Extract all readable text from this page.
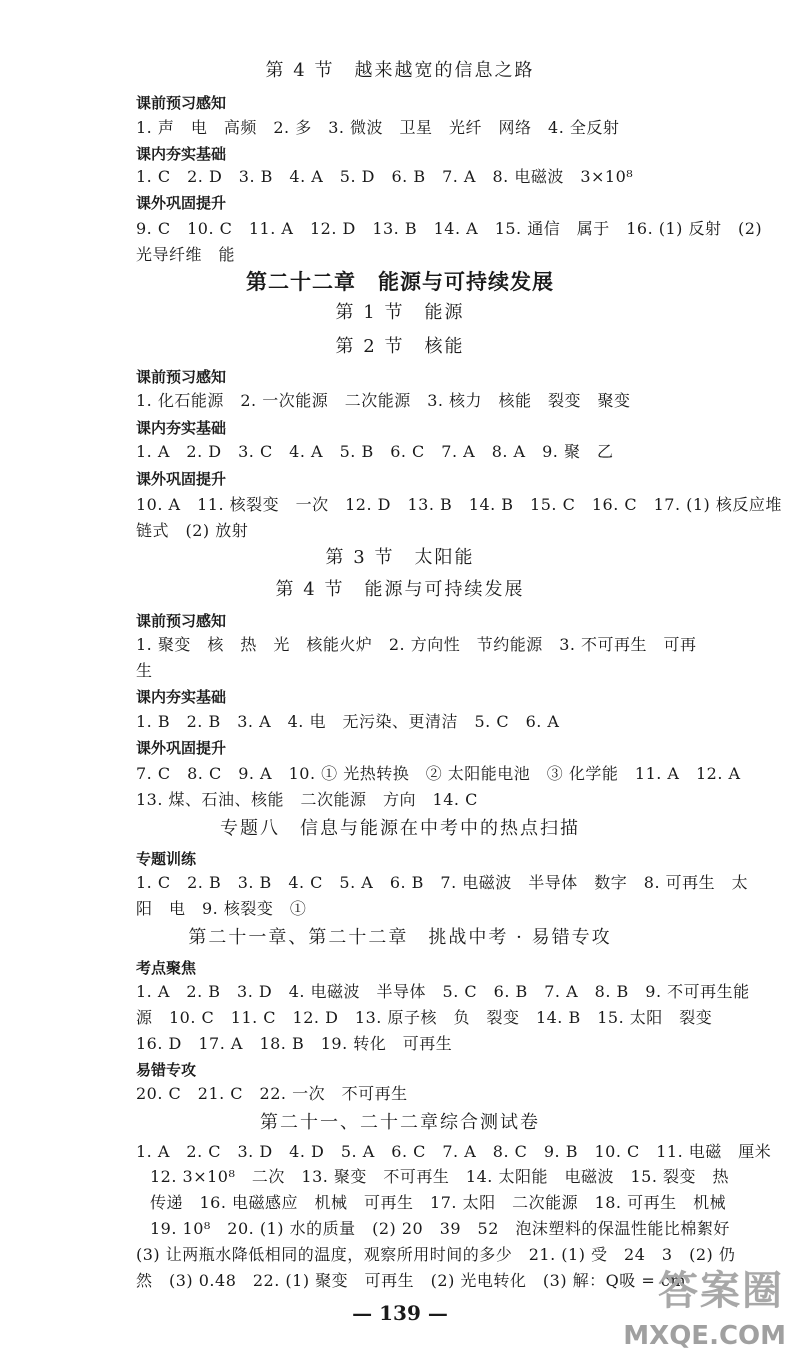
第 4 节　越来越宽的信息之路
课前预习感知
1. 声　电　高频　2. 多　3. 微波　卫星　光纤　网络　4. 全反射
课内夯实基础
1. C　2. D　3. B　4. A　5. D　6. B　7. A　8. 电磁波　3×10⁸
课外巩固提升
9. C　10. C　11. A　12. D　13. B　14. A　15. 通信　属于　16. (1) 反射　(2)
光导纤维　能
第二十二章　能源与可持续发展
第 1 节　能源
第 2 节　核能
课前预习感知
1. 化石能源　2. 一次能源　二次能源　3. 核力　核能　裂变　聚变
课内夯实基础
1. A　2. D　3. C　4. A　5. B　6. C　7. A　8. A　9. 聚　乙
课外巩固提升
10. A　11. 核裂变　一次　12. D　13. B　14. B　15. C　16. C　17. (1) 核反应堆
链式　(2) 放射
第 3 节　太阳能
第 4 节　能源与可持续发展
课前预习感知
1. 聚变　核　热　光　核能火炉　2. 方向性　节约能源　3. 不可再生　可再
生
课内夯实基础
1. B　2. B　3. A　4. 电　无污染、更清洁　5. C　6. A
课外巩固提升
7. C　8. C　9. A　10. ① 光热转换　② 太阳能电池　③ 化学能　11. A　12. A
13. 煤、石油、核能　二次能源　方向　14. C
专题八　信息与能源在中考中的热点扫描
专题训练
1. C　2. B　3. B　4. C　5. A　6. B　7. 电磁波　半导体　数字　8. 可再生　太
阳　电　9. 核裂变　①
第二十一章、第二十二章　挑战中考 · 易错专攻
考点聚焦
1. A　2. B　3. D　4. 电磁波　半导体　5. C　6. B　7. A　8. B　9. 不可再生能
源　10. C　11. C　12. D　13. 原子核　负　裂变　14. B　15. 太阳　裂变
16. D　17. A　18. B　19. 转化　可再生
易错专攻
20. C　21. C　22. 一次　不可再生
第二十一、二十二章综合测试卷
1. A　2. C　3. D　4. D　5. A　6. C　7. A　8. C　9. B　10. C　11. 电磁　厘米
12. 3×10⁸　二次　13. 聚变　不可再生　14. 太阳能　电磁波　15. 裂变　热
传递　16. 电磁感应　机械　可再生　17. 太阳　二次能源　18. 可再生　机械
19. 10⁸　20. (1) 水的质量　(2) 20　39　52　泡沫塑料的保温性能比棉絮好
(3) 让两瓶水降低相同的温度，观察所用时间的多少　21. (1) 受　24　3　(2) 仍
然　(3) 0.48　22. (1) 聚变　可再生　(2) 光电转化　(3) 解：Q吸 = cm
— 139 —	答案圈
MXQE.COM
